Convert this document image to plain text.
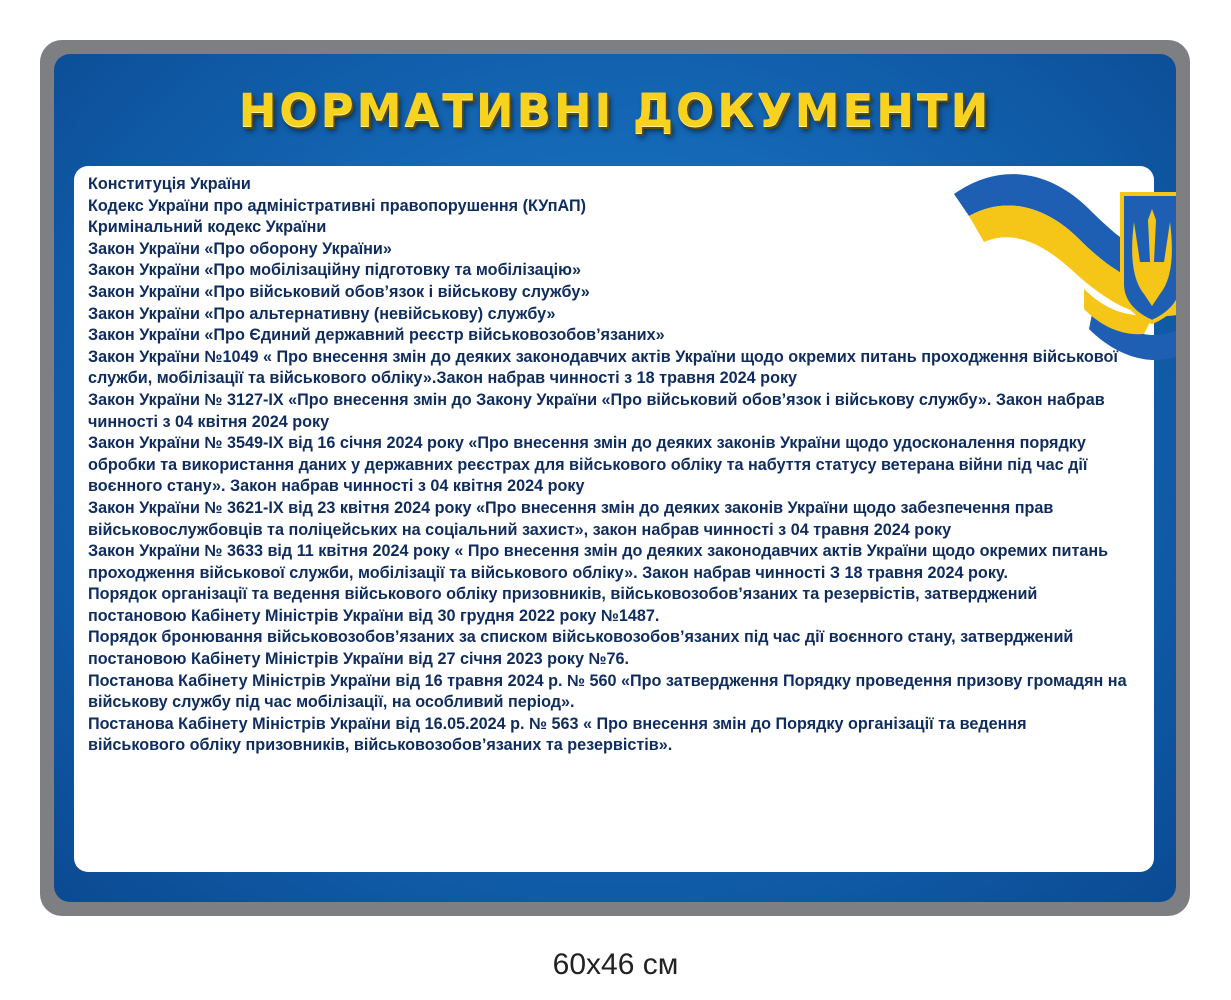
НОРМАТИВНІ ДОКУМЕНТИ
Конституція України
Кодекс України про адміністративні правопорушення (КУпАП)
Кримінальний кодекс України
Закон України «Про оборону України»
Закон України «Про мобілізаційну підготовку та мобілізацію»
Закон України «Про військовий обов’язок і військову службу»
Закон України «Про альтернативну (невійськову) службу»
Закон України «Про Єдиний державний реєстр військовозобов’язаних»
Закон України №1049 « Про внесення змін до деяких законодавчих актів України щодо окремих питань проходження військової служби, мобілізації та військового обліку».Закон набрав чинності з 18 травня 2024 року
Закон України № 3127-ІХ «Про внесення змін до Закону України «Про військовий обов’язок і військову службу». Закон набрав чинності з 04 квітня 2024 року
Закон України № 3549-ІХ від 16 січня 2024 року «Про внесення змін до деяких законів України щодо удосконалення порядку обробки та використання даних у державних реєстрах для військового обліку та набуття статусу ветерана війни під час дії воєнного стану». Закон набрав чинності з 04 квітня 2024 року
Закон України № 3621-ІХ від 23 квітня 2024 року «Про внесення змін до деяких законів України щодо забезпечення прав військовослужбовців та поліцейських на соціальний захист», закон набрав чинності з 04 травня 2024 року
Закон України № 3633 від 11 квітня 2024 року « Про внесення змін до деяких законодавчих актів України щодо окремих питань проходження військової служби, мобілізації та військового обліку». Закон набрав чинності З 18 травня 2024 року.
Порядок організації та ведення військового обліку призовників, військовозобов’язаних та резервістів, затверджений постановою Кабінету Міністрів України від 30 грудня 2022 року №1487.
Порядок бронювання військовозобов’язаних за списком військовозобов’язаних під час дії воєнного стану, затверджений постановою Кабінету Міністрів України від 27 січня 2023 року №76.
Постанова Кабінету Міністрів України від 16 травня 2024 р. № 560 «Про затвердження Порядку проведення призову громадян на військову службу під час мобілізації, на особливий період».
Постанова Кабінету Міністрів України від 16.05.2024 р. № 563 « Про внесення змін до Порядку організації та ведення військового обліку призовників, військовозобов’язаних та резервістів».

60x46 см
